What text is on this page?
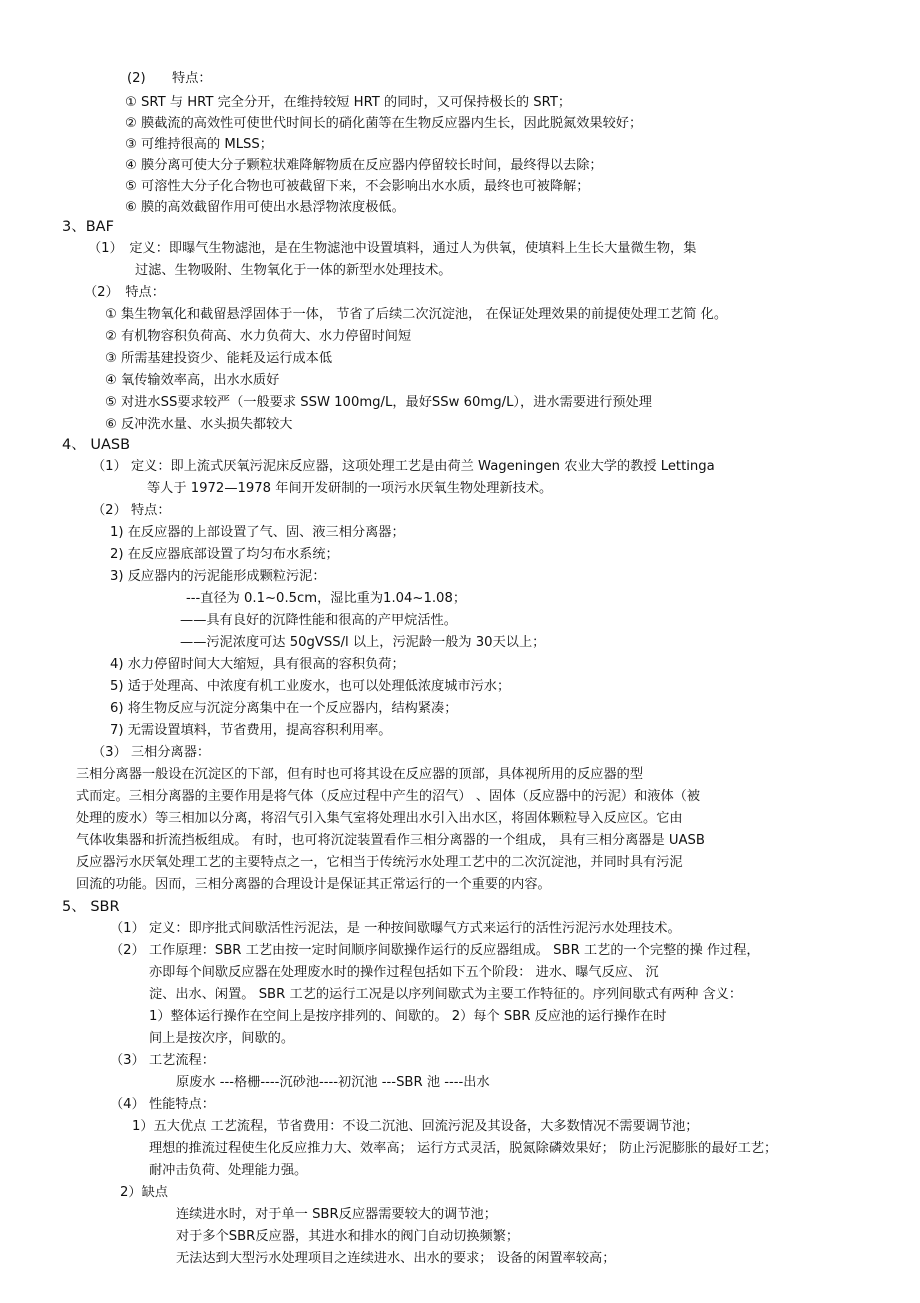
(2)　　特点：
① SRT 与 HRT 完全分开，在维持较短 HRT 的同时，又可保持极长的 SRT；
② 膜截流的高效性可使世代时间长的硝化菌等在生物反应器内生长，因此脱氮效果较好；
③ 可维持很高的 MLSS；
④ 膜分离可使大分子颗粒状难降解物质在反应器内停留较长时间，最终得以去除；
⑤ 可溶性大分子化合物也可被截留下来，不会影响出水水质，最终也可被降解；
⑥ 膜的高效截留作用可使出水悬浮物浓度极低。
3、BAF
（1）　定义：即曝气生物滤池，是在生物滤池中设置填料，通过人为供氧，使填料上生长大量微生物，集
过滤、生物吸附、生物氧化于一体的新型水处理技术。
（2）　特点：
① 集生物氧化和截留悬浮固体于一体， 节省了后续二次沉淀池， 在保证处理效果的前提使处理工艺简 化。
② 有机物容积负荷高、水力负荷大、水力停留时间短
③ 所需基建投资少、能耗及运行成本低
④ 氧传输效率高，出水水质好
⑤ 对进水SS要求较严（一般要求 SSW 100mg/L，最好SSw 60mg/L），进水需要进行预处理
⑥ 反冲洗水量、水头损失都较大
4、 UASB
（1） 定义：即上流式厌氧污泥床反应器，这项处理工艺是由荷兰 Wageningen 农业大学的教授 Lettinga
等人于 1972—1978 年间开发研制的一项污水厌氧生物处理新技术。
（2） 特点：
1) 在反应器的上部设置了气、固、液三相分离器；
2) 在反应器底部设置了均匀布水系统；
3) 反应器内的污泥能形成颗粒污泥：
---直径为 0.1~0.5cm，湿比重为1.04~1.08；
——具有良好的沉降性能和很高的产甲烷活性。
——污泥浓度可达 50gVSS/l 以上，污泥龄一般为 30天以上；
4) 水力停留时间大大缩短，具有很高的容积负荷；
5) 适于处理高、中浓度有机工业废水，也可以处理低浓度城市污水；
6) 将生物反应与沉淀分离集中在一个反应器内，结构紧凑；
7) 无需设置填料，节省费用，提高容积利用率。
（3） 三相分离器：
三相分离器一般设在沉淀区的下部，但有时也可将其设在反应器的顶部，具体视所用的反应器的型
式而定。三相分离器的主要作用是将气体（反应过程中产生的沼气） 、固体（反应器中的污泥）和液体（被
处理的废水）等三相加以分离，将沼气引入集气室将处理出水引入出水区，将固体颗粒导入反应区。它由
气体收集器和折流挡板组成。 有时，也可将沉淀装置看作三相分离器的一个组成， 具有三相分离器是 UASB
反应器污水厌氧处理工艺的主要特点之一，它相当于传统污水处理工艺中的二次沉淀池，并同时具有污泥
回流的功能。因而，三相分离器的合理设计是保证其正常运行的一个重要的内容。
5、 SBR
（1） 定义：即序批式间歇活性污泥法，是 一种按间歇曝气方式来运行的活性污泥污水处理技术。
（2） 工作原理：SBR 工艺由按一定时间顺序间歇操作运行的反应器组成。 SBR 工艺的一个完整的操 作过程，
亦即每个间歇反应器在处理废水时的操作过程包括如下五个阶段： 进水、曝气反应、 沉
淀、出水、闲置。 SBR 工艺的运行工况是以序列间歇式为主要工作特征的。序列间歇式有两种 含义：
1）整体运行操作在空间上是按序排列的、间歇的。 2）每个 SBR 反应池的运行操作在时
间上是按次序，间歇的。
（3） 工艺流程：
原废水 ---格栅----沉砂池----初沉池 ---SBR 池 ----出水
（4） 性能特点：
1）五大优点 工艺流程，节省费用：不设二沉池、回流污泥及其设备，大多数情况不需要调节池；
理想的推流过程使生化反应推力大、效率高； 运行方式灵活，脱氮除磷效果好； 防止污泥膨胀的最好工艺；
耐冲击负荷、处理能力强。
2）缺点
连续进水时，对于单一 SBR反应器需要较大的调节池；
对于多个SBR反应器，其进水和排水的阀门自动切换频繁；
无法达到大型污水处理项目之连续进水、出水的要求； 设备的闲置率较高；
